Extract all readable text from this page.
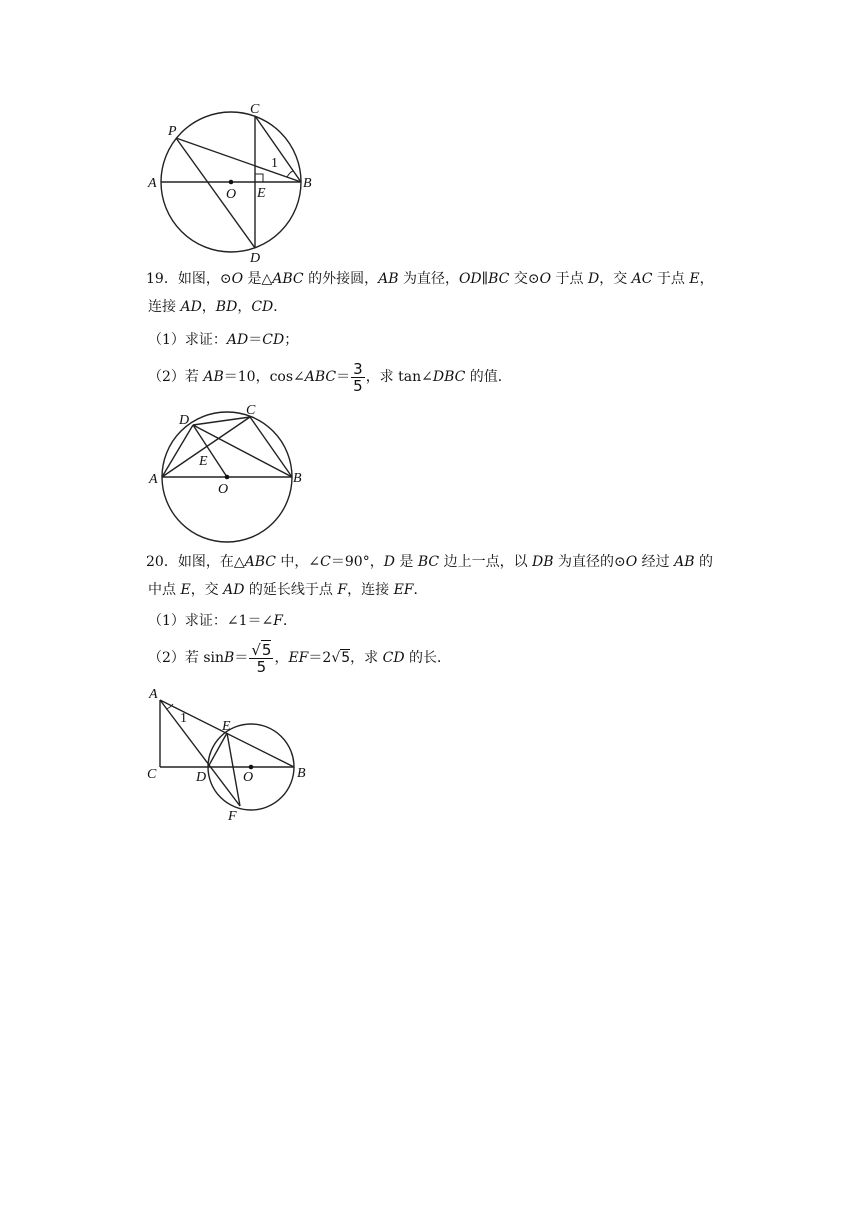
C
P
1
A
O E
B
D
19．如图，⊙O 是△ABC 的外接圆，AB 为直径，OD∥BC 交⊙O 于点 D，交 AC 于点 E，
连接 AD，BD，CD．
（1）求证：AD＝CD；
（2）若 AB＝10，cos∠ABC＝ $\frac{3}{5}$ ，求 tan∠DBC 的值．
D
C
E
A
O
B
20．如图，在△ABC 中，∠C＝90°，D 是 BC 边上一点，以 DB 为直径的⊙O 经过 AB 的
中点 E，交 AD 的延长线于点 F，连接 EF．
（1）求证：∠1＝∠F．
（2）若 $\sin B= \frac{√5}{5}$ ，EF＝2√5，求 CD 的长．
A
1
E
C	D	O	B
F
